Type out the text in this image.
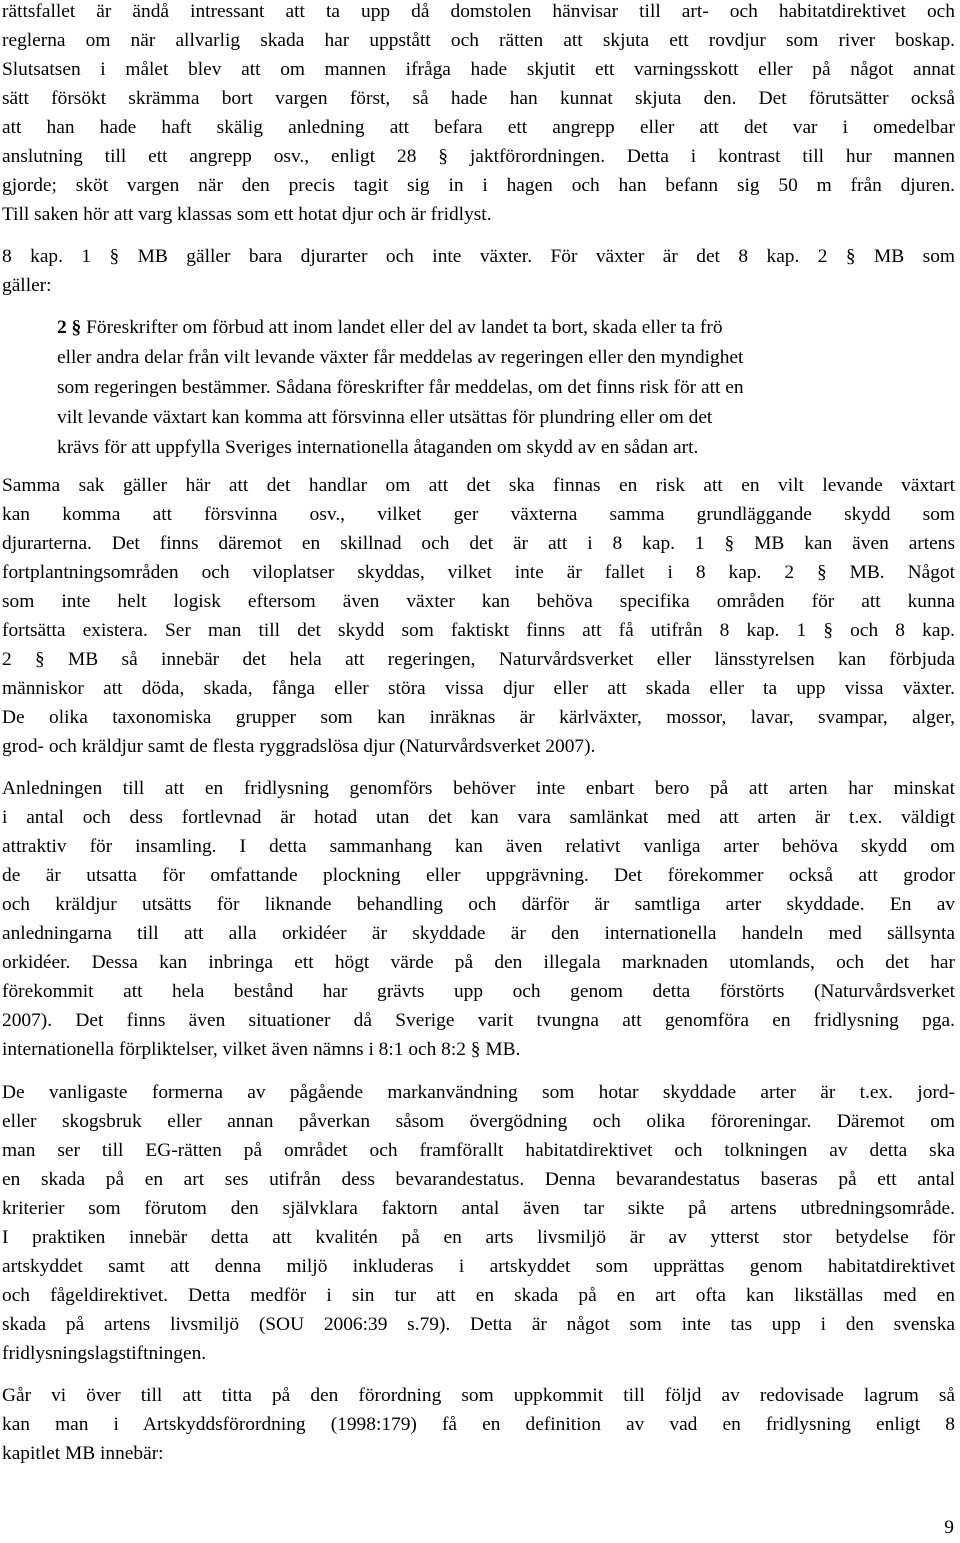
rättsfallet är ändå intressant att ta upp då domstolen hänvisar till art- och habitatdirektivet och
reglerna om när allvarlig skada har uppstått och rätten att skjuta ett rovdjur som river boskap.
Slutsatsen i målet blev att om mannen ifråga hade skjutit ett varningsskott eller på något annat
sätt försökt skrämma bort vargen först, så hade han kunnat skjuta den. Det förutsätter också
att han hade haft skälig anledning att befara ett angrepp eller att det var i omedelbar
anslutning till ett angrepp osv., enligt 28 § jaktförordningen. Detta i kontrast till hur mannen
gjorde; sköt vargen när den precis tagit sig in i hagen och han befann sig 50 m från djuren.
Till saken hör att varg klassas som ett hotat djur och är fridlyst.

8 kap. 1 § MB gäller bara djurarter och inte växter. För växter är det 8 kap. 2 § MB som
gäller:

2 § Föreskrifter om förbud att inom landet eller del av landet ta bort, skada eller ta frö
eller andra delar från vilt levande växter får meddelas av regeringen eller den myndighet
som regeringen bestämmer. Sådana föreskrifter får meddelas, om det finns risk för att en
vilt levande växtart kan komma att försvinna eller utsättas för plundring eller om det
krävs för att uppfylla Sveriges internationella åtaganden om skydd av en sådan art.

Samma sak gäller här att det handlar om att det ska finnas en risk att en vilt levande växtart
kan komma att försvinna osv., vilket ger växterna samma grundläggande skydd som
djurarterna. Det finns däremot en skillnad och det är att i 8 kap. 1 § MB kan även artens
fortplantningsområden och viloplatser skyddas, vilket inte är fallet i 8 kap. 2 § MB. Något
som inte helt logisk eftersom även växter kan behöva specifika områden för att kunna
fortsätta existera. Ser man till det skydd som faktiskt finns att få utifrån 8 kap. 1 § och 8 kap.
2 § MB så innebär det hela att regeringen, Naturvårdsverket eller länsstyrelsen kan förbjuda
människor att döda, skada, fånga eller störa vissa djur eller att skada eller ta upp vissa växter.
De olika taxonomiska grupper som kan inräknas är kärlväxter, mossor, lavar, svampar, alger,
grod- och kräldjur samt de flesta ryggradslösa djur (Naturvårdsverket 2007).

Anledningen till att en fridlysning genomförs behöver inte enbart bero på att arten har minskat
i antal och dess fortlevnad är hotad utan det kan vara samlänkat med att arten är t.ex. väldigt
attraktiv för insamling. I detta sammanhang kan även relativt vanliga arter behöva skydd om
de är utsatta för omfattande plockning eller uppgrävning. Det förekommer också att grodor
och kräldjur utsätts för liknande behandling och därför är samtliga arter skyddade. En av
anledningarna till att alla orkidéer är skyddade är den internationella handeln med sällsynta
orkidéer. Dessa kan inbringa ett högt värde på den illegala marknaden utomlands, och det har
förekommit att hela bestånd har grävts upp och genom detta förstörts (Naturvårdsverket
2007). Det finns även situationer då Sverige varit tvungna att genomföra en fridlysning pga.
internationella förpliktelser, vilket även nämns i 8:1 och 8:2 § MB.

De vanligaste formerna av pågående markanvändning som hotar skyddade arter är t.ex. jord-
eller skogsbruk eller annan påverkan såsom övergödning och olika föroreningar. Däremot om
man ser till EG-rätten på området och framförallt habitatdirektivet och tolkningen av detta ska
en skada på en art ses utifrån dess bevarandestatus. Denna bevarandestatus baseras på ett antal
kriterier som förutom den självklara faktorn antal även tar sikte på artens utbredningsområde.
I praktiken innebär detta att kvalitén på en arts livsmiljö är av ytterst stor betydelse för
artskyddet samt att denna miljö inkluderas i artskyddet som upprättas genom habitatdirektivet
och fågeldirektivet. Detta medför i sin tur att en skada på en art ofta kan likställas med en
skada på artens livsmiljö (SOU 2006:39 s.79). Detta är något som inte tas upp i den svenska
fridlysningslagstiftningen.

Går vi över till att titta på den förordning som uppkommit till följd av redovisade lagrum så
kan man i Artskyddsförordning (1998:179) få en definition av vad en fridlysning enligt 8
kapitlet MB innebär:

9
